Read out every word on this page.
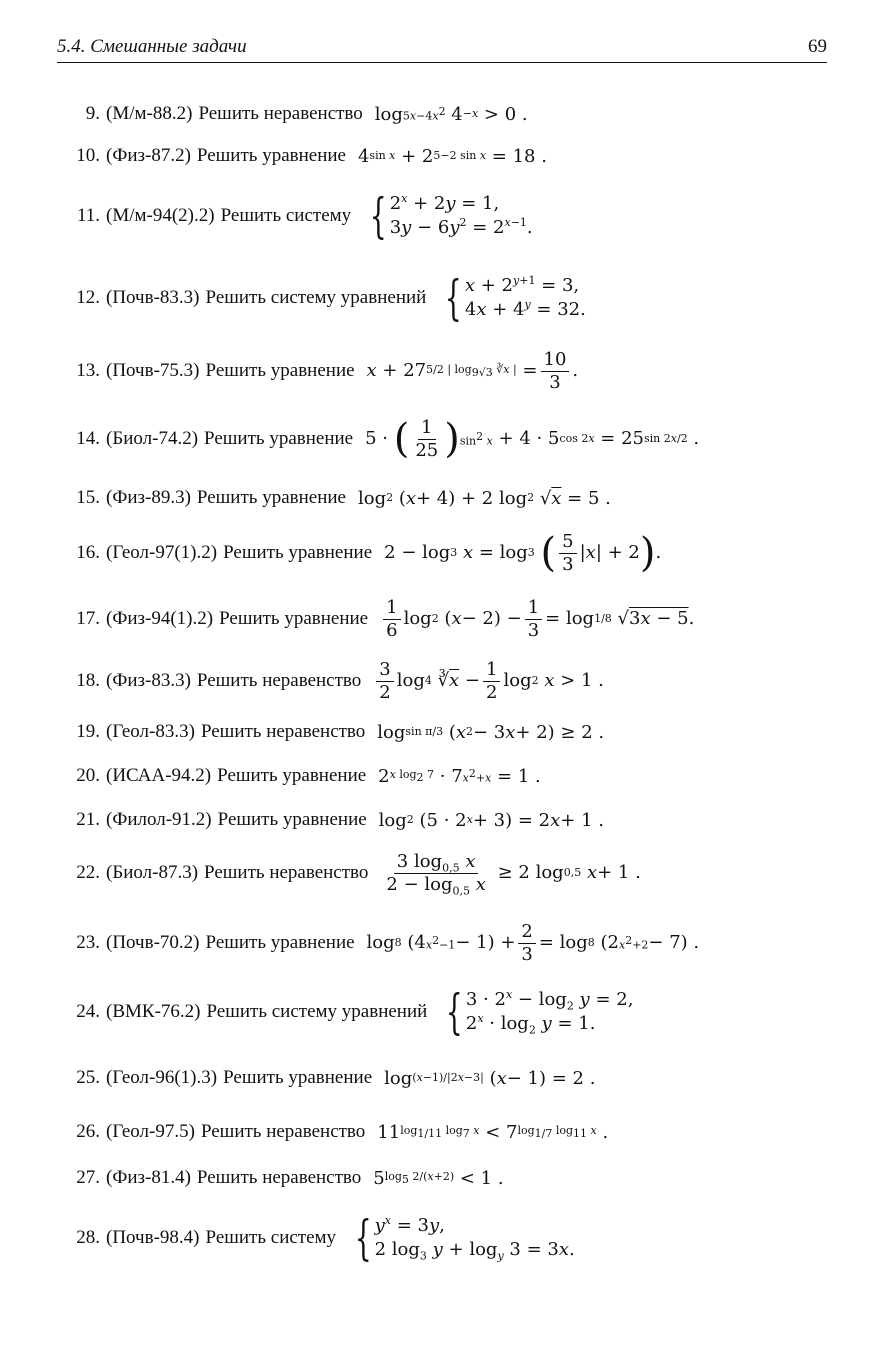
5.4. Смешанные задачи	69
9. (М/м-88.2) Решить неравенство $\log 5x-4x^2$ 4 −x > 0 .
10. (Физ-87.2) Решить уравнение 4 sin x + 2 5−2 sin x = 18 .
11. (М/м-94(2).2) Решить систему { $2^x + 2y = 1$,
$3y - 6y^2 = 2^{x-1}$.
12. (Почв-83.3) Решить систему уравнений { $x + 2^{y+1} = 3$,
$4x + 4^y = 32$.
13. (Почв-75.3) Решить уравнение x + 27 5/2 | $\log_{9√3}$ ∛x | = $\frac{10}{3}$ .
14. (Биол-74.2) Решить уравнение 5 · ( $\frac{1}{25}$ ) $\sin^2 x + 4 \cdot 5$ cos 2x = 25 sin 2x/2 .
15. (Физ-89.3) Решить уравнение log 2 ( x + 4) + 2 log 2 √ x = 5 .
16. (Геол-97(1).2) Решить уравнение 2 − log 3
x = log 3
( $\frac{5}{3}$ | x | + 2 ) .
17. (Физ-94(1).2) Решить уравнение $\frac{1}{6}$ log 2 ( $x - 2) - \frac{1}{3} = \log 1/8$ √ 3x − 5 .
18. (Физ-83.3) Решить неравенство $\frac{3}{2}$ log 4 ∛ $\overline{x} - \frac{1}{2}$ log 2
x > 1 .
19. (Геол-83.3) Решить неравенство log sin π/3 ( x 2 − 3 x + 2) ≥ 2 .
20. (ИСАА-94.2) Решить уравнение 2 x $\log_2 7 \cdot 7$ $x^2+x = 1$ .
21. (Филол-91.2) Решить уравнение log 2 (5 · 2 x + 3) = 2 x + 1 .
22. (Биол-87.3) Решить неравенство $\frac{3 \log_{0,5} x}{2 - \log_{0,5} x} \ge 2$ log 0,5
x + 1 .
23. (Почв-70.2) Решить уравнение log 8 (4 $x^2-1 - 1) + \frac{2}{3} = \log 8$ (2 $x^2+2 - 7$) .
24. (ВМК-76.2) Решить систему уравнений { $3 \cdot 2^x - \log_2 y = 2$,
$2^x \cdot \log_2 y = 1$.
25. (Геол-96(1).3) Решить уравнение log (x−1)/|2x−3| ( x − 1) = 2 .
26. (Геол-97.5) Решить неравенство 11 $\log_{1/11} \log_7 x < 7$ $\log_{1/7} \log_{11} x$ .
27. (Физ-81.4) Решить неравенство 5 $\log_5 2/(x+2) < 1$ .
28. (Почв-98.4) Решить систему { $y^x = 3y$,
2 $\log_3 y + \log_y 3 = 3x$.
